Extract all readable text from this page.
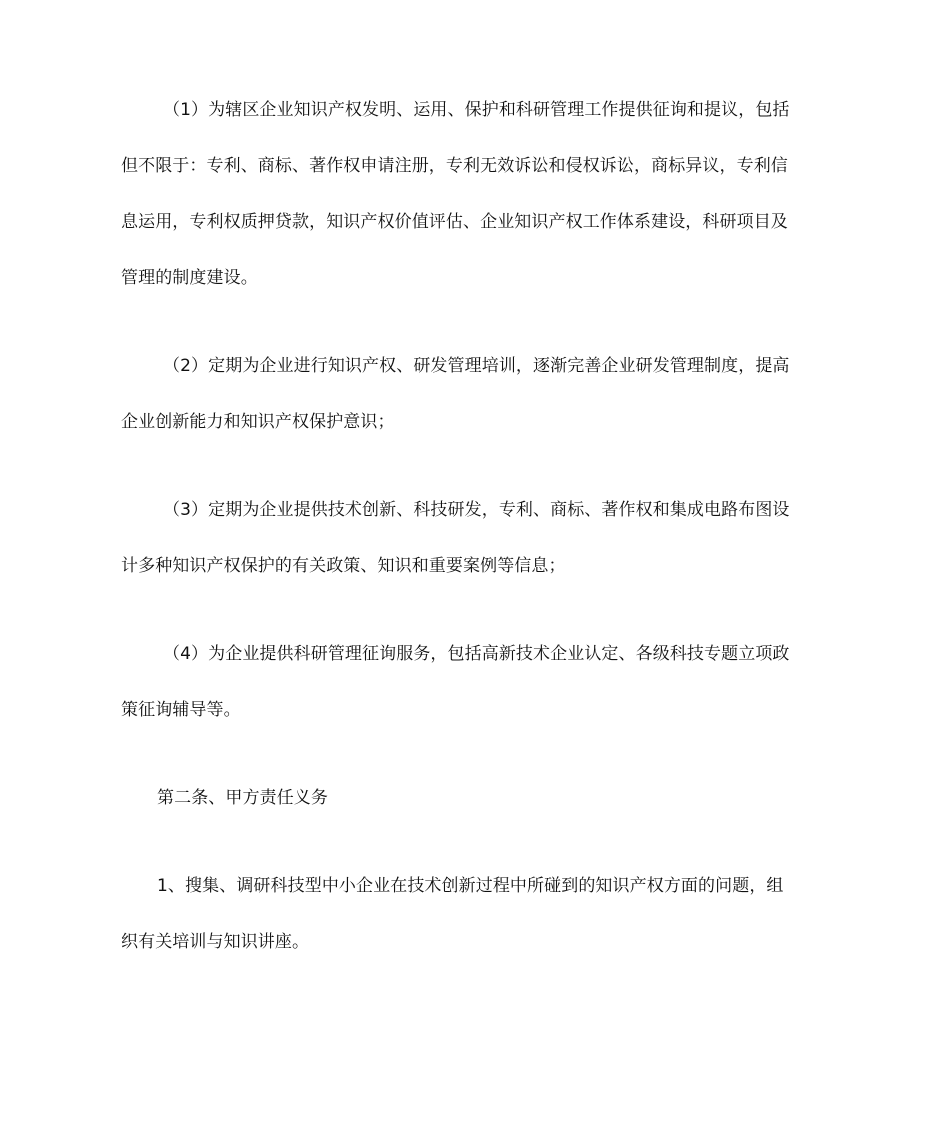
（1）为辖区企业知识产权发明、运用、保护和科研管理工作提供征询和提议，包括
但不限于：专利、商标、著作权申请注册，专利无效诉讼和侵权诉讼，商标异议，专利信
息运用，专利权质押贷款，知识产权价值评估、企业知识产权工作体系建设，科研项目及
管理的制度建设。
（2）定期为企业进行知识产权、研发管理培训，逐渐完善企业研发管理制度，提高
企业创新能力和知识产权保护意识；
（3）定期为企业提供技术创新、科技研发，专利、商标、著作权和集成电路布图设
计多种知识产权保护的有关政策、知识和重要案例等信息；
（4）为企业提供科研管理征询服务，包括高新技术企业认定、各级科技专题立项政
策征询辅导等。
第二条、甲方责任义务
1、搜集、调研科技型中小企业在技术创新过程中所碰到的知识产权方面的问题，组
织有关培训与知识讲座。
